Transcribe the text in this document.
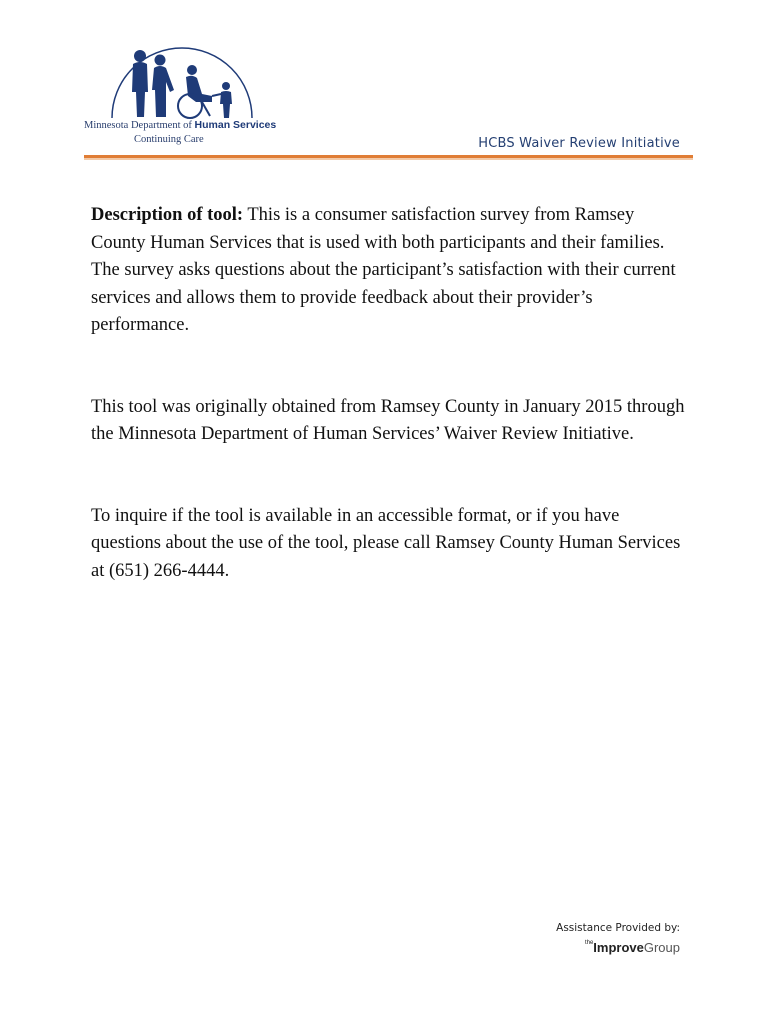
Minnesota Department of Human Services
Continuing Care	HCBS Waiver Review Initiative

Description of tool: This is a consumer satisfaction survey from Ramsey County Human Services that is used with both participants and their families. The survey asks questions about the participant’s satisfaction with their current services and allows them to provide feedback about their provider’s performance.

This tool was originally obtained from Ramsey County in January 2015 through the Minnesota Department of Human Services’ Waiver Review Initiative.

To inquire if the tool is available in an accessible format, or if you have questions about the use of the tool, please call Ramsey County Human Services at (651) 266-4444.

Assistance Provided by:
$^{the}$ImproveGroup
